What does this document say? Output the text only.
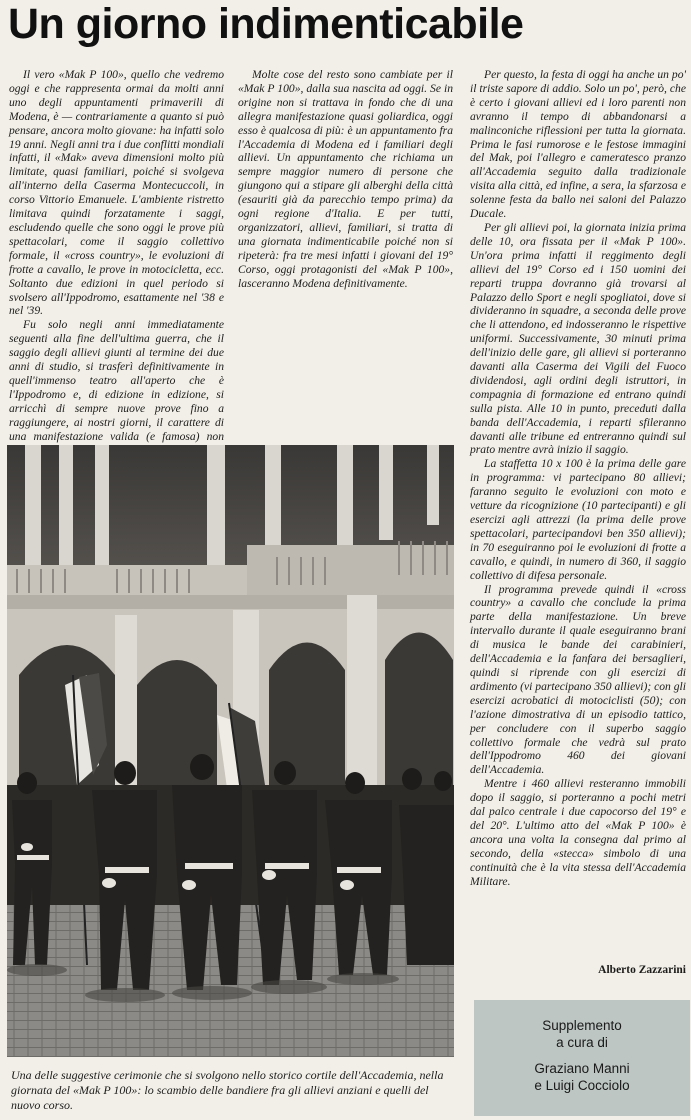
Un giorno indimenticabile

Il vero «Mak P 100», quello che vedremo oggi e che rappresenta ormai da molti anni uno degli appuntamenti primaverili di Modena, è — contrariamente a quanto si può pensare, ancora molto giovane: ha infatti solo 19 anni. Negli anni tra i due conflitti mondiali infatti, il «Mak» aveva dimensioni molto più limitate, quasi familiari, poiché si svolgeva all'interno della Caserma Montecuccoli, in corso Vittorio Emanuele. L'ambiente ristretto limitava quindi forzatamente i saggi, escludendo quelle che sono oggi le prove più spettacolari, come il saggio collettivo formale, il «cross country», le evoluzioni di frotte a cavallo, le prove in motocicletta, ecc. Soltanto due edizioni in quel periodo si svolsero all'Ippodromo, esattamente nel '38 e nel '39.

Fu solo negli anni immediatamente seguenti alla fine dell'ultima guerra, che il saggio degli allievi giunti al termine dei due anni di studio, si trasferì definitivamente in quell'immenso teatro all'aperto che è l'Ippodromo e, di edizione in edizione, si arricchì di sempre nuove prove fino a raggiungere, ai nostri giorni, il carattere di una manifestazione valida (e famosa) non

Molte cose del resto sono cambiate per il «Mak P 100», dalla sua nascita ad oggi. Se in origine non si trattava in fondo che di una allegra manifestazione quasi goliardica, oggi esso è qualcosa di più: è un appuntamento fra l'Accademia di Modena ed i familiari degli allievi. Un appuntamento che richiama un sempre maggior numero di persone che giungono qui a stipare gli alberghi della città (esauriti già da parecchio tempo prima) da ogni regione d'Italia. E per tutti, organizzatori, allievi, familiari, si tratta di una giornata indimenticabile poiché non si ripeterà: fra tre mesi infatti i giovani del 19° Corso, oggi protagonisti del «Mak P 100», lasceranno Modena definitivamente.

Per questo, la festa di oggi ha anche un po' il triste sapore di addio. Solo un po', però, che è certo i giovani allievi ed i loro parenti non avranno il tempo di abbandonarsi a malinconiche riflessioni per tutta la giornata. Prima le fasi rumorose e le festose immagini del Mak, poi l'allegro e cameratesco pranzo all'Accademia seguito dalla tradizionale visita alla città, ed infine, a sera, la sfarzosa e solenne festa da ballo nei saloni del Palazzo Ducale.

Per gli allievi poi, la giornata inizia prima delle 10, ora fissata per il «Mak P 100». Un'ora prima infatti il reggimento degli allievi del 19° Corso ed i 150 uomini dei reparti truppa dovranno già trovarsi al Palazzo dello Sport e negli spogliatoi, dove si divideranno in squadre, a seconda delle prove che li attendono, ed indosseranno le rispettive uniformi. Successivamente, 30 minuti prima dell'inizio delle gare, gli allievi si porteranno davanti alla Caserma dei Vigili del Fuoco dividendosi, agli ordini degli istruttori, in compagnia di formazione ed entrano quindi sulla pista. Alle 10 in punto, preceduti dalla banda dell'Accademia, i reparti sfileranno davanti alle tribune ed entreranno quindi sul prato mentre avrà inizio il saggio.

La staffetta 10 x 100 è la prima delle gare in programma: vi partecipano 80 allievi; faranno seguito le evoluzioni con moto e vetture da ricognizione (10 partecipanti) e gli esercizi agli attrezzi (la prima delle prove spettacolari, partecipandovi ben 350 allievi); in 70 eseguiranno poi le evoluzioni di frotte a cavallo, e quindi, in numero di 360, il saggio collettivo di difesa personale.

Il programma prevede quindi il «cross country» a cavallo che conclude la prima parte della manifestazione. Un breve intervallo durante il quale eseguiranno brani di musica le bande dei carabinieri, dell'Accademia e la fanfara dei bersaglieri, quindi si riprende con gli esercizi di ardimento (vi partecipano 350 allievi); con gli esercizi acrobatici di motociclisti (50); con l'azione dimostrativa di un episodio tattico, per concludere con il superbo saggio collettivo formale che vedrà sul prato dell'Ippodromo 460 dei giovani dell'Accademia.

Mentre i 460 allievi resteranno immobili dopo il saggio, si porteranno a pochi metri dal palco centrale i due capocorso del 19° e del 20°. L'ultimo atto del «Mak P 100» è ancora una volta la consegna dal primo al secondo, della «stecca» simbolo di una continuità che è la vita stessa dell'Accademia Militare.

Alberto Zazzarini
Una delle suggestive cerimonie che si svolgono nello storico cortile dell'Accademia, nella giornata del «Mak P 100»: lo scambio delle bandiere fra gli allievi anziani e quelli del nuovo corso.
Supplemento
a cura di
Graziano Manni
e Luigi Cocciolo
